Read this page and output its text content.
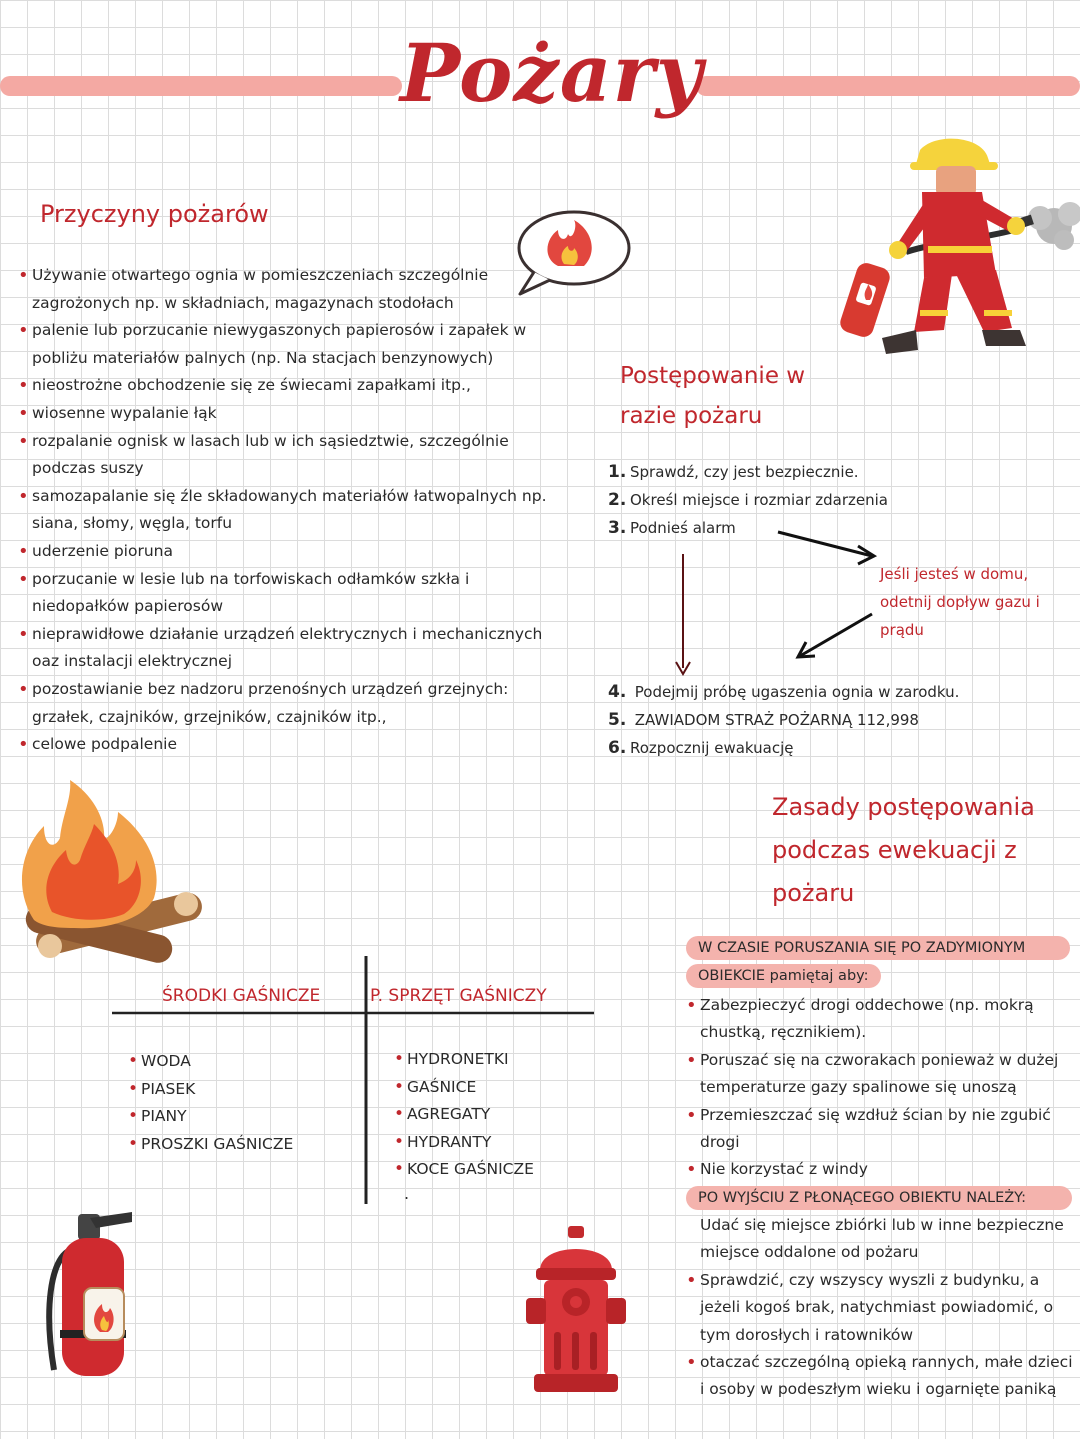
Pożary
Przyczyny pożarów
• Używanie otwartego ognia w pomieszczeniach szczególnie zagrożonych np. w składniach, magazynach stodołach
• palenie lub porzucanie niewygaszonych papierosów i zapałek w pobliżu materiałów palnych (np. Na stacjach benzynowych)
• nieostrożne obchodzenie się ze świecami zapałkami itp.,
• wiosenne wypalanie łąk
• rozpalanie ognisk w lasach lub w ich sąsiedztwie, szczególnie podczas suszy
• samozapalanie się źle składowanych materiałów łatwopalnych np. siana, słomy, węgla, torfu
• uderzenie pioruna
• porzucanie w lesie lub na torfowiskach odłamków szkła i niedopałków papierosów
• nieprawidłowe działanie urządzeń elektrycznych i mechanicznych oaz instalacji elektrycznej
• pozostawianie bez nadzoru przenośnych urządzeń grzejnych: grzałek, czajników, grzejników, czajników itp.,
• celowe podpalenie
Postępowanie w
razie pożaru
1. Sprawdź, czy jest bezpiecznie.
2. Określ miejsce i rozmiar zdarzenia
3. Podnieś alarm
Jeśli jesteś w domu, odetnij dopływ gazu i prądu
4. Podejmij próbę ugaszenia ognia w zarodku.
5. ZAWIADOM STRAŻ POŻARNĄ 112,998
6. Rozpocznij ewakuację
ŚRODKI GAŚNICZE	P. SPRZĘT GAŚNICZY
• WODA
• PIASEK
• PIANY
• PROSZKI GAŚNICZE
• HYDRONETKI
• GAŚNICE
• AGREGATY
• HYDRANTY
• KOCE GAŚNICZE
.
Zasady postępowania
podczas ewekuacji z
pożaru
W CZASIE PORUSZANIA SIĘ PO ZADYMIONYM OBIEKCIE pamiętaj aby:
• Zabezpieczyć drogi oddechowe (np. mokrą chustką, ręcznikiem).
• Poruszać się na czworakach ponieważ w dużej temperaturze gazy spalinowe się unoszą
• Przemieszczać się wzdłuż ścian by nie zgubić drogi
• Nie korzystać z windy
PO WYJŚCIU Z PŁONĄCEGO OBIEKTU NALEŻY:
Udać się miejsce zbiórki lub w inne bezpieczne miejsce oddalone od pożaru
• Sprawdzić, czy wszyscy wyszli z budynku, a jeżeli kogoś brak, natychmiast powiadomić, o tym dorosłych i ratowników
• otaczać szczególną opieką rannych, małe dzieci i osoby w podeszłym wieku i ogarnięte paniką
